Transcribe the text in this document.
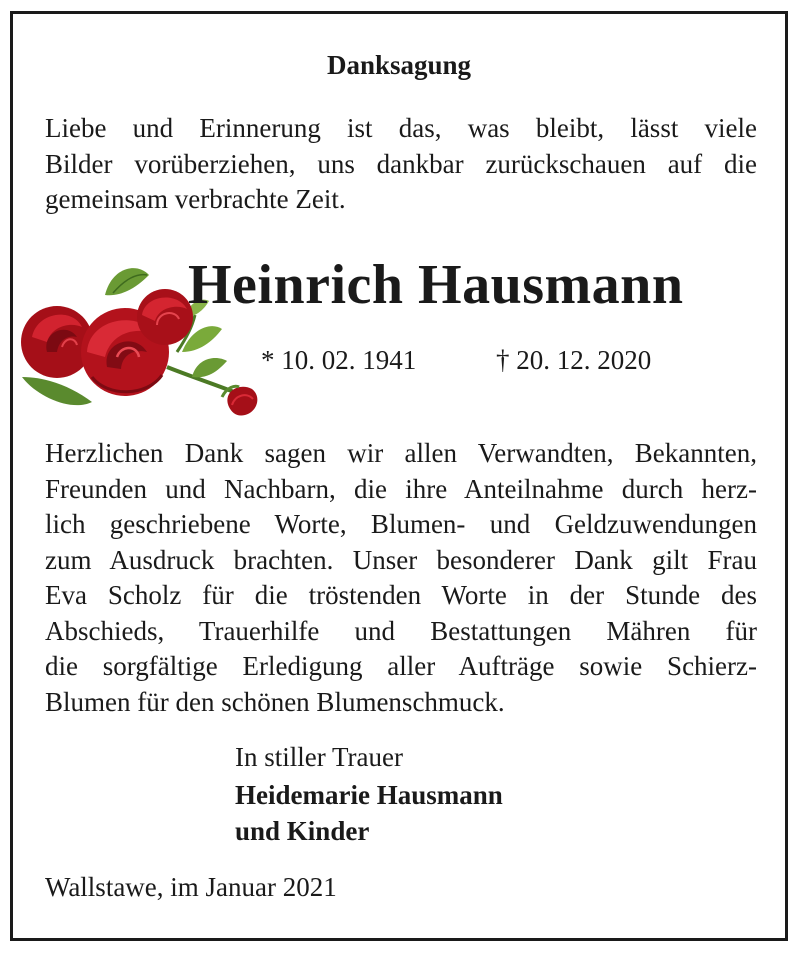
Danksagung
Liebe und Erinnerung ist das, was bleibt, lässt viele
Bilder vorüberziehen, uns dankbar zurückschauen auf die
gemeinsam verbrachte Zeit.
Heinrich Hausmann
* 10. 02. 1941	† 20. 12. 2020
Herzlichen Dank sagen wir allen Verwandten, Bekannten,
Freunden und Nachbarn, die ihre Anteilnahme durch herz-
lich geschriebene Worte, Blumen- und Geldzuwendungen
zum Ausdruck brachten. Unser besonderer Dank gilt Frau
Eva Scholz für die tröstenden Worte in der Stunde des
Abschieds, Trauerhilfe und Bestattungen Mähren für
die sorgfältige Erledigung aller Aufträge sowie Schierz-
Blumen für den schönen Blumenschmuck.
In stiller Trauer
Heidemarie Hausmann
und Kinder
Wallstawe, im Januar 2021
